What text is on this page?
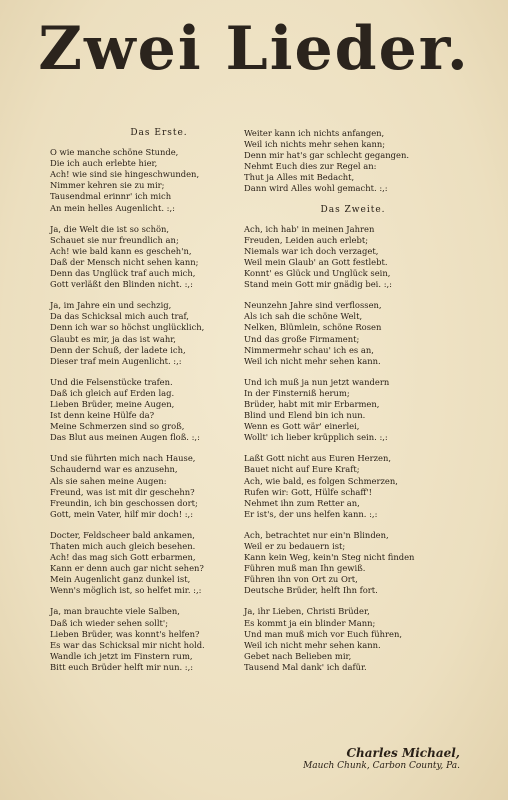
Zwei Lieder.
Das Erste.
O wie manche schöne Stunde,
Die ich auch erlebte hier,
Ach! wie sind sie hingeschwunden,
Nimmer kehren sie zu mir;
Tausendmal erinnr' ich mich
An mein helles Augenlicht. :,:
Ja, die Welt die ist so schön,
Schauet sie nur freundlich an;
Ach! wie bald kann es gescheh'n,
Daß der Mensch nicht sehen kann;
Denn das Unglück traf auch mich,
Gott verläßt den Blinden nicht. :,:
Ja, im Jahre ein und sechzig,
Da das Schicksal mich auch traf,
Denn ich war so höchst unglücklich,
Glaubt es mir, ja das ist wahr,
Denn der Schuß, der ladete ich,
Dieser traf mein Augenlicht. :,:
Und die Felsenstücke trafen.
Daß ich gleich auf Erden lag.
Lieben Brüder, meine Augen,
Ist denn keine Hülfe da?
Meine Schmerzen sind so groß,
Das Blut aus meinen Augen floß. :,:
Und sie führten mich nach Hause,
Schaudernd war es anzusehn,
Als sie sahen meine Augen:
Freund, was ist mit dir geschehn?
Freundin, ich bin geschossen dort;
Gott, mein Vater, hilf mir doch! :,:
Docter, Feldscheer bald ankamen,
Thaten mich auch gleich besehen.
Ach! das mag sich Gott erbarmen,
Kann er denn auch gar nicht sehen?
Mein Augenlicht ganz dunkel ist,
Wenn's möglich ist, so helfet mir. :,:
Ja, man brauchte viele Salben,
Daß ich wieder sehen sollt';
Lieben Brüder, was konnt's helfen?
Es war das Schicksal mir nicht hold.
Wandle ich jetzt im Finstern rum,
Bitt euch Brüder helft mir nun. :,:
Weiter kann ich nichts anfangen,
Weil ich nichts mehr sehen kann;
Denn mir hat's gar schlecht gegangen.
Nehmt Euch dies zur Regel an:
Thut ja Alles mit Bedacht,
Dann wird Alles wohl gemacht. :,:
Das Zweite.
Ach, ich hab' in meinen Jahren
Freuden, Leiden auch erlebt;
Niemals war ich doch verzaget,
Weil mein Glaub' an Gott festlebt.
Konnt' es Glück und Unglück sein,
Stand mein Gott mir gnädig bei. :,:
Neunzehn Jahre sind verflossen,
Als ich sah die schöne Welt,
Nelken, Blümlein, schöne Rosen
Und das große Firmament;
Nimmermehr schau' ich es an,
Weil ich nicht mehr sehen kann.
Und ich muß ja nun jetzt wandern
In der Finsterniß herum;
Brüder, habt mit mir Erbarmen,
Blind und Elend bin ich nun.
Wenn es Gott wär' einerlei,
Wollt' ich lieber krüpplich sein. :,:
Laßt Gott nicht aus Euren Herzen,
Bauet nicht auf Eure Kraft;
Ach, wie bald, es folgen Schmerzen,
Rufen wir: Gott, Hülfe schaff'!
Nehmet ihn zum Retter an,
Er ist's, der uns helfen kann. :,:
Ach, betrachtet nur ein'n Blinden,
Weil er zu bedauern ist;
Kann kein Weg, kein'n Steg nicht finden
Führen muß man Ihn gewiß.
Führen ihn von Ort zu Ort,
Deutsche Brüder, helft Ihn fort.
Ja, ihr Lieben, Christi Brüder,
Es kommt ja ein blinder Mann;
Und man muß mich vor Euch führen,
Weil ich nicht mehr sehen kann.
Gebet nach Belieben mir,
Tausend Mal dank' ich dafür.
Charles Michael,
Mauch Chunk, Carbon County, Pa.
